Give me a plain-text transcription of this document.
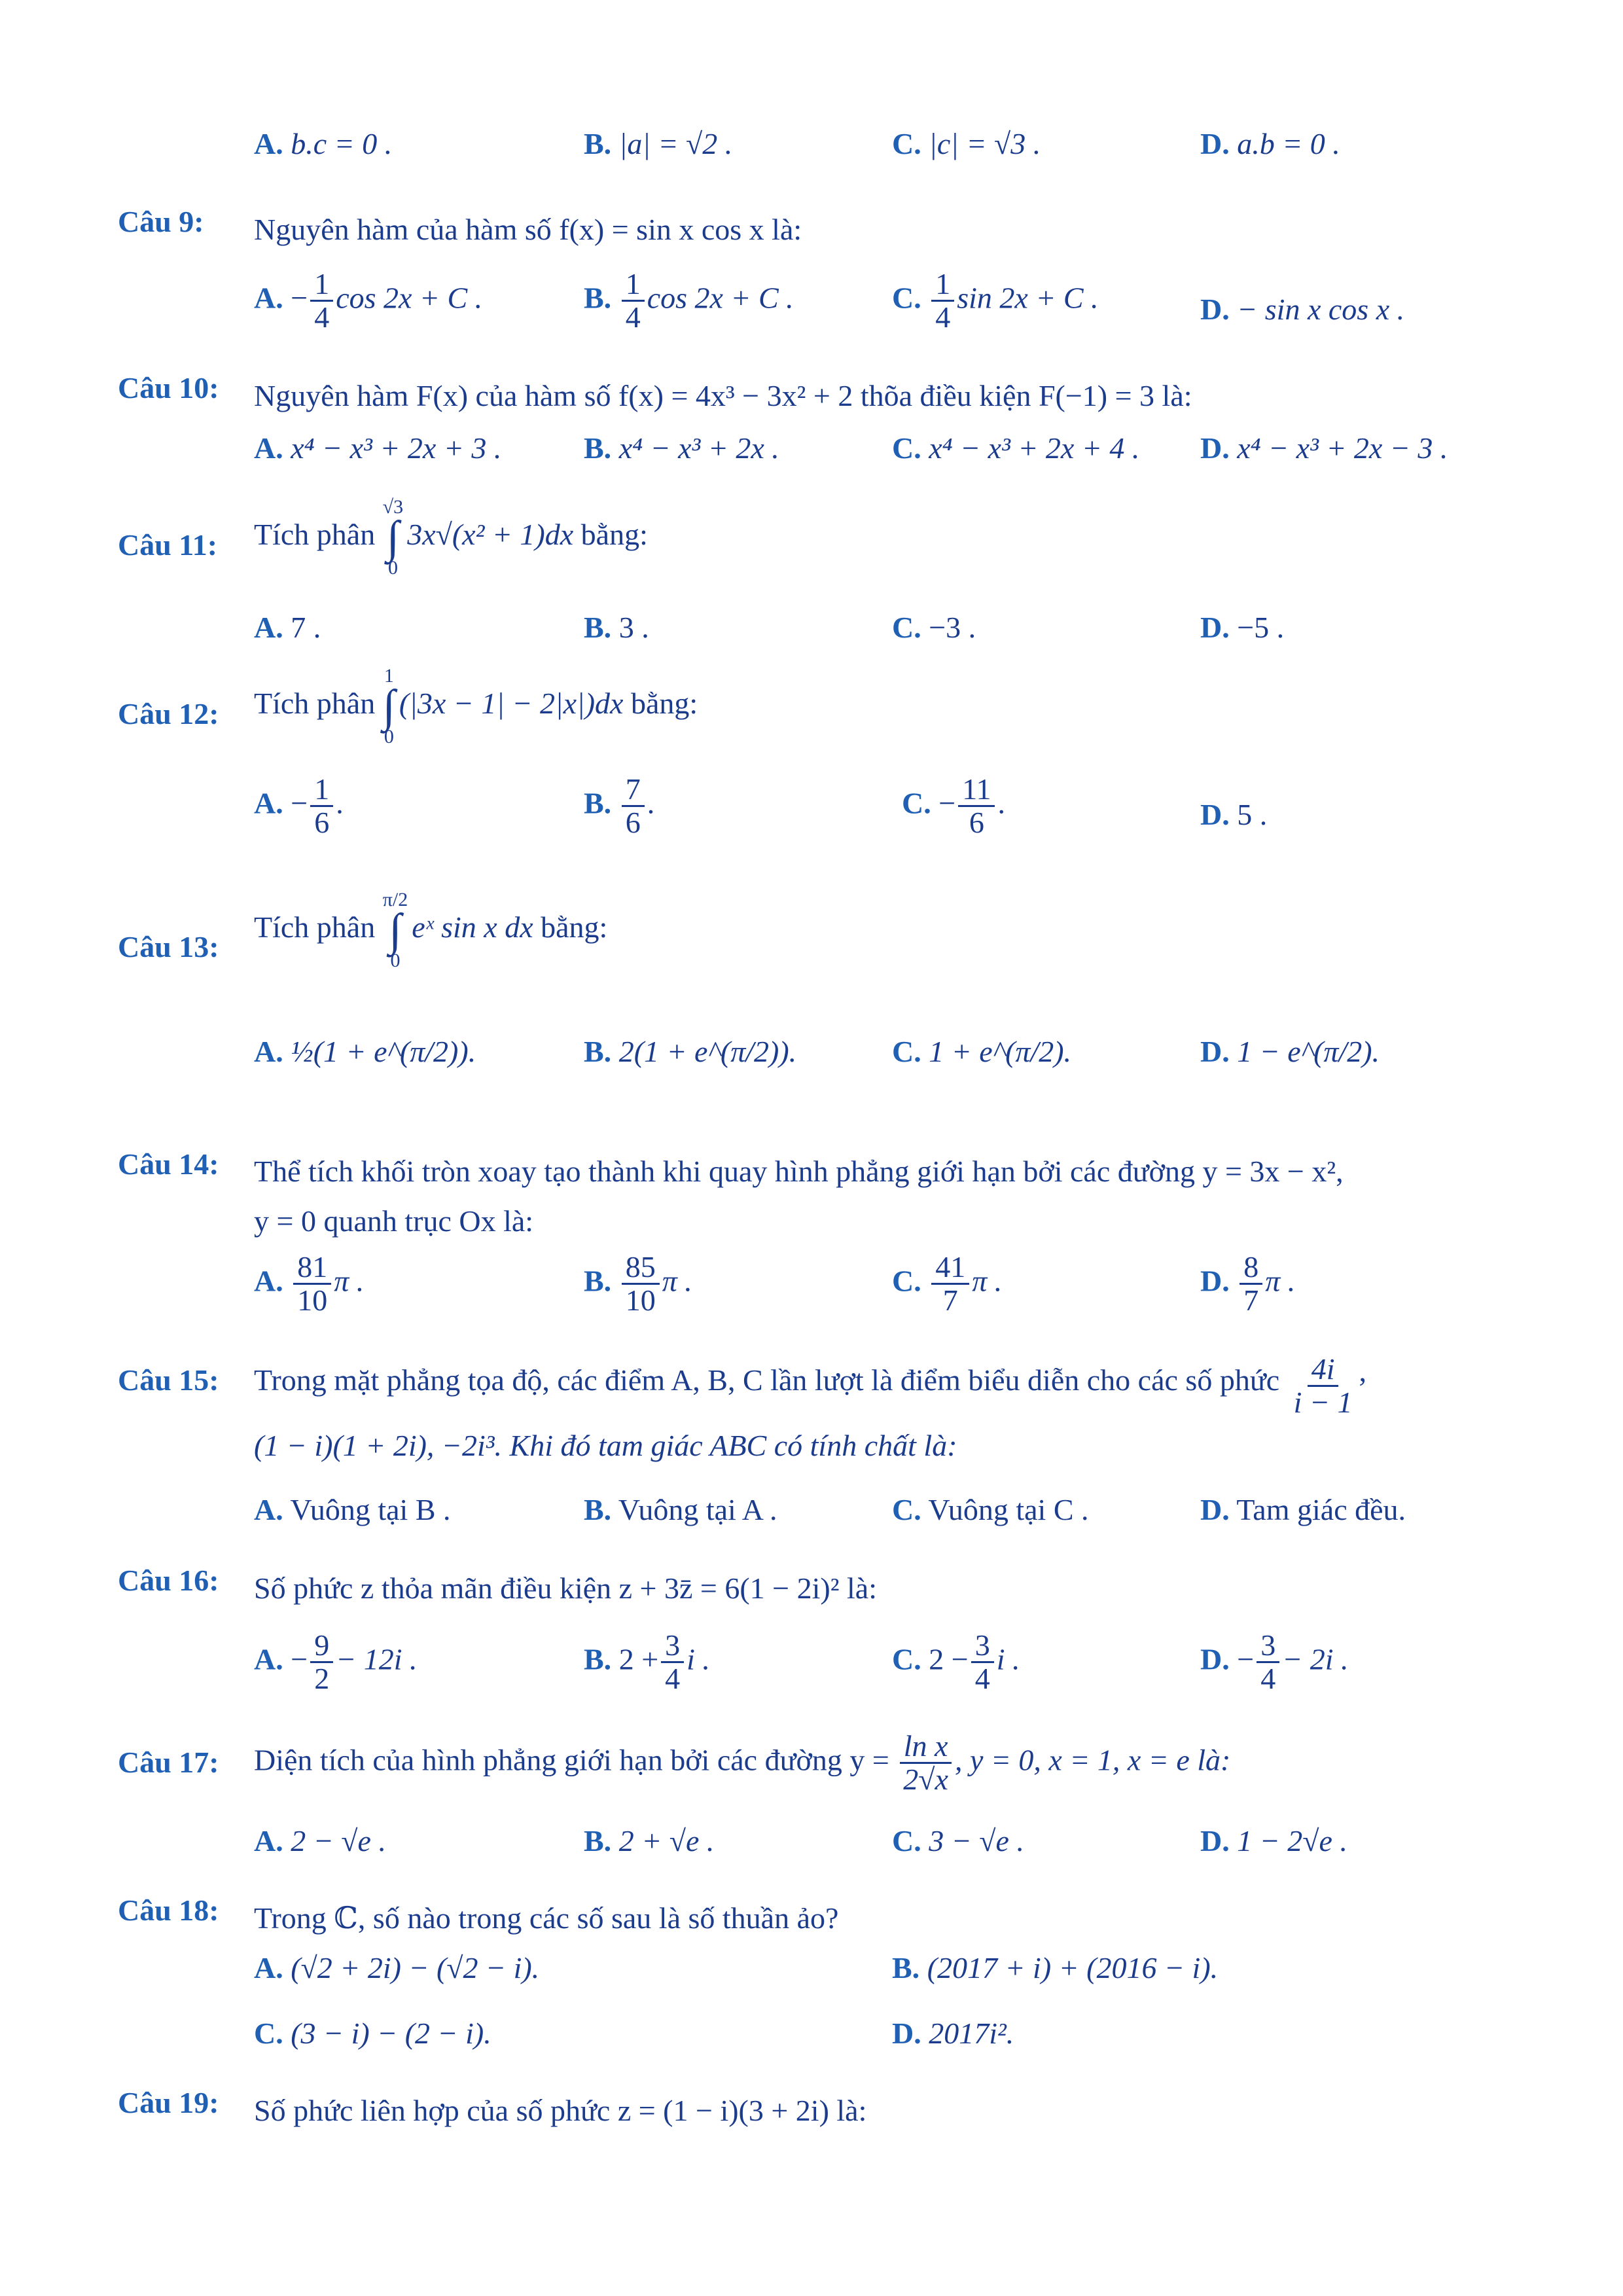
A. b.c = 0 .	B. |a| = √2 .	C. |c| = √3 .	D. a.b = 0 .
Câu 9: Nguyên hàm của hàm số f(x) = sin x cos x là:
A. − $\frac{1}{4}$ cos 2x + C .	B. $\frac{1}{4}$ cos 2x + C .	C. $\frac{1}{4}$ sin 2x + C .	D. − sin x cos x .
Câu 10: Nguyên hàm F(x) của hàm số f(x) = 4x³ − 3x² + 2 thõa điều kiện F(−1) = 3 là:
A. x⁴ − x³ + 2x + 3 .	B. x⁴ − x³ + 2x .	C. x⁴ − x³ + 2x + 4 . D. x⁴ − x³ + 2x − 3 .
Câu 11: Tích phân
√3
∫
0
3x√(x² + 1)dx bằng:
A. 7 .	B. 3 .	C. −3 .	D. −5 .
Câu 12: Tích phân
1
∫
0
(|3x − 1| − 2|x|)dx bằng:
A. − $\frac{1}{6}$ .	B. $\frac{7}{6}$ .	C. − $\frac{11}{6}$ .	D. 5 .
Câu 13:
Tích phân
π/2
∫
0
eˣ sin x dx bằng:
A. ½(1 + e^(π/2)).	B. 2(1 + e^(π/2)).	C. 1 + e^(π/2).	D. 1 − e^(π/2).
Câu 14: Thể tích khối tròn xoay tạo thành khi quay hình phẳng giới hạn bởi các đường y = 3x − x²,
y = 0 quanh trục Ox là:
A. $\frac{81}{10}$ π .	B. $\frac{85}{10}$ π .	C. $\frac{41}{7}$ π .	D. $\frac{8}{7}$ π .
Câu 15: Trong mặt phẳng tọa độ, các điểm A, B, C lần lượt là điểm biểu diễn cho các số phức $\frac{4i}{i - 1}$ ,
(1 − i)(1 + 2i), −2i³. Khi đó tam giác ABC có tính chất là:
A. Vuông tại B .	B. Vuông tại A .	C. Vuông tại C .	D. Tam giác đều.
Câu 16: Số phức z thỏa mãn điều kiện z + 3z̄ = 6(1 − 2i)² là:
A. − $\frac{9}{2} - 12i$ .	B. $2 + \frac{3}{4}$ i .	C. $2 - \frac{3}{4}$ i .	D. − $\frac{3}{4} - 2i$ .
Câu 17: Diện tích của hình phẳng giới hạn bởi các đường $y = \frac{\text{ln x}}{2√x}$ , y = 0, x = 1, x = e là:
A. 2 − √e .	B. 2 + √e .	C. 3 − √e .	D. 1 − 2√e .
Câu 18: Trong ℂ, số nào trong các số sau là số thuần ảo?
A. (√2 + 2i) − (√2 − i).	B. (2017 + i) + (2016 − i).
C. (3 − i) − (2 − i).	D. 2017i².
Câu 19: Số phức liên hợp của số phức z = (1 − i)(3 + 2i) là:
